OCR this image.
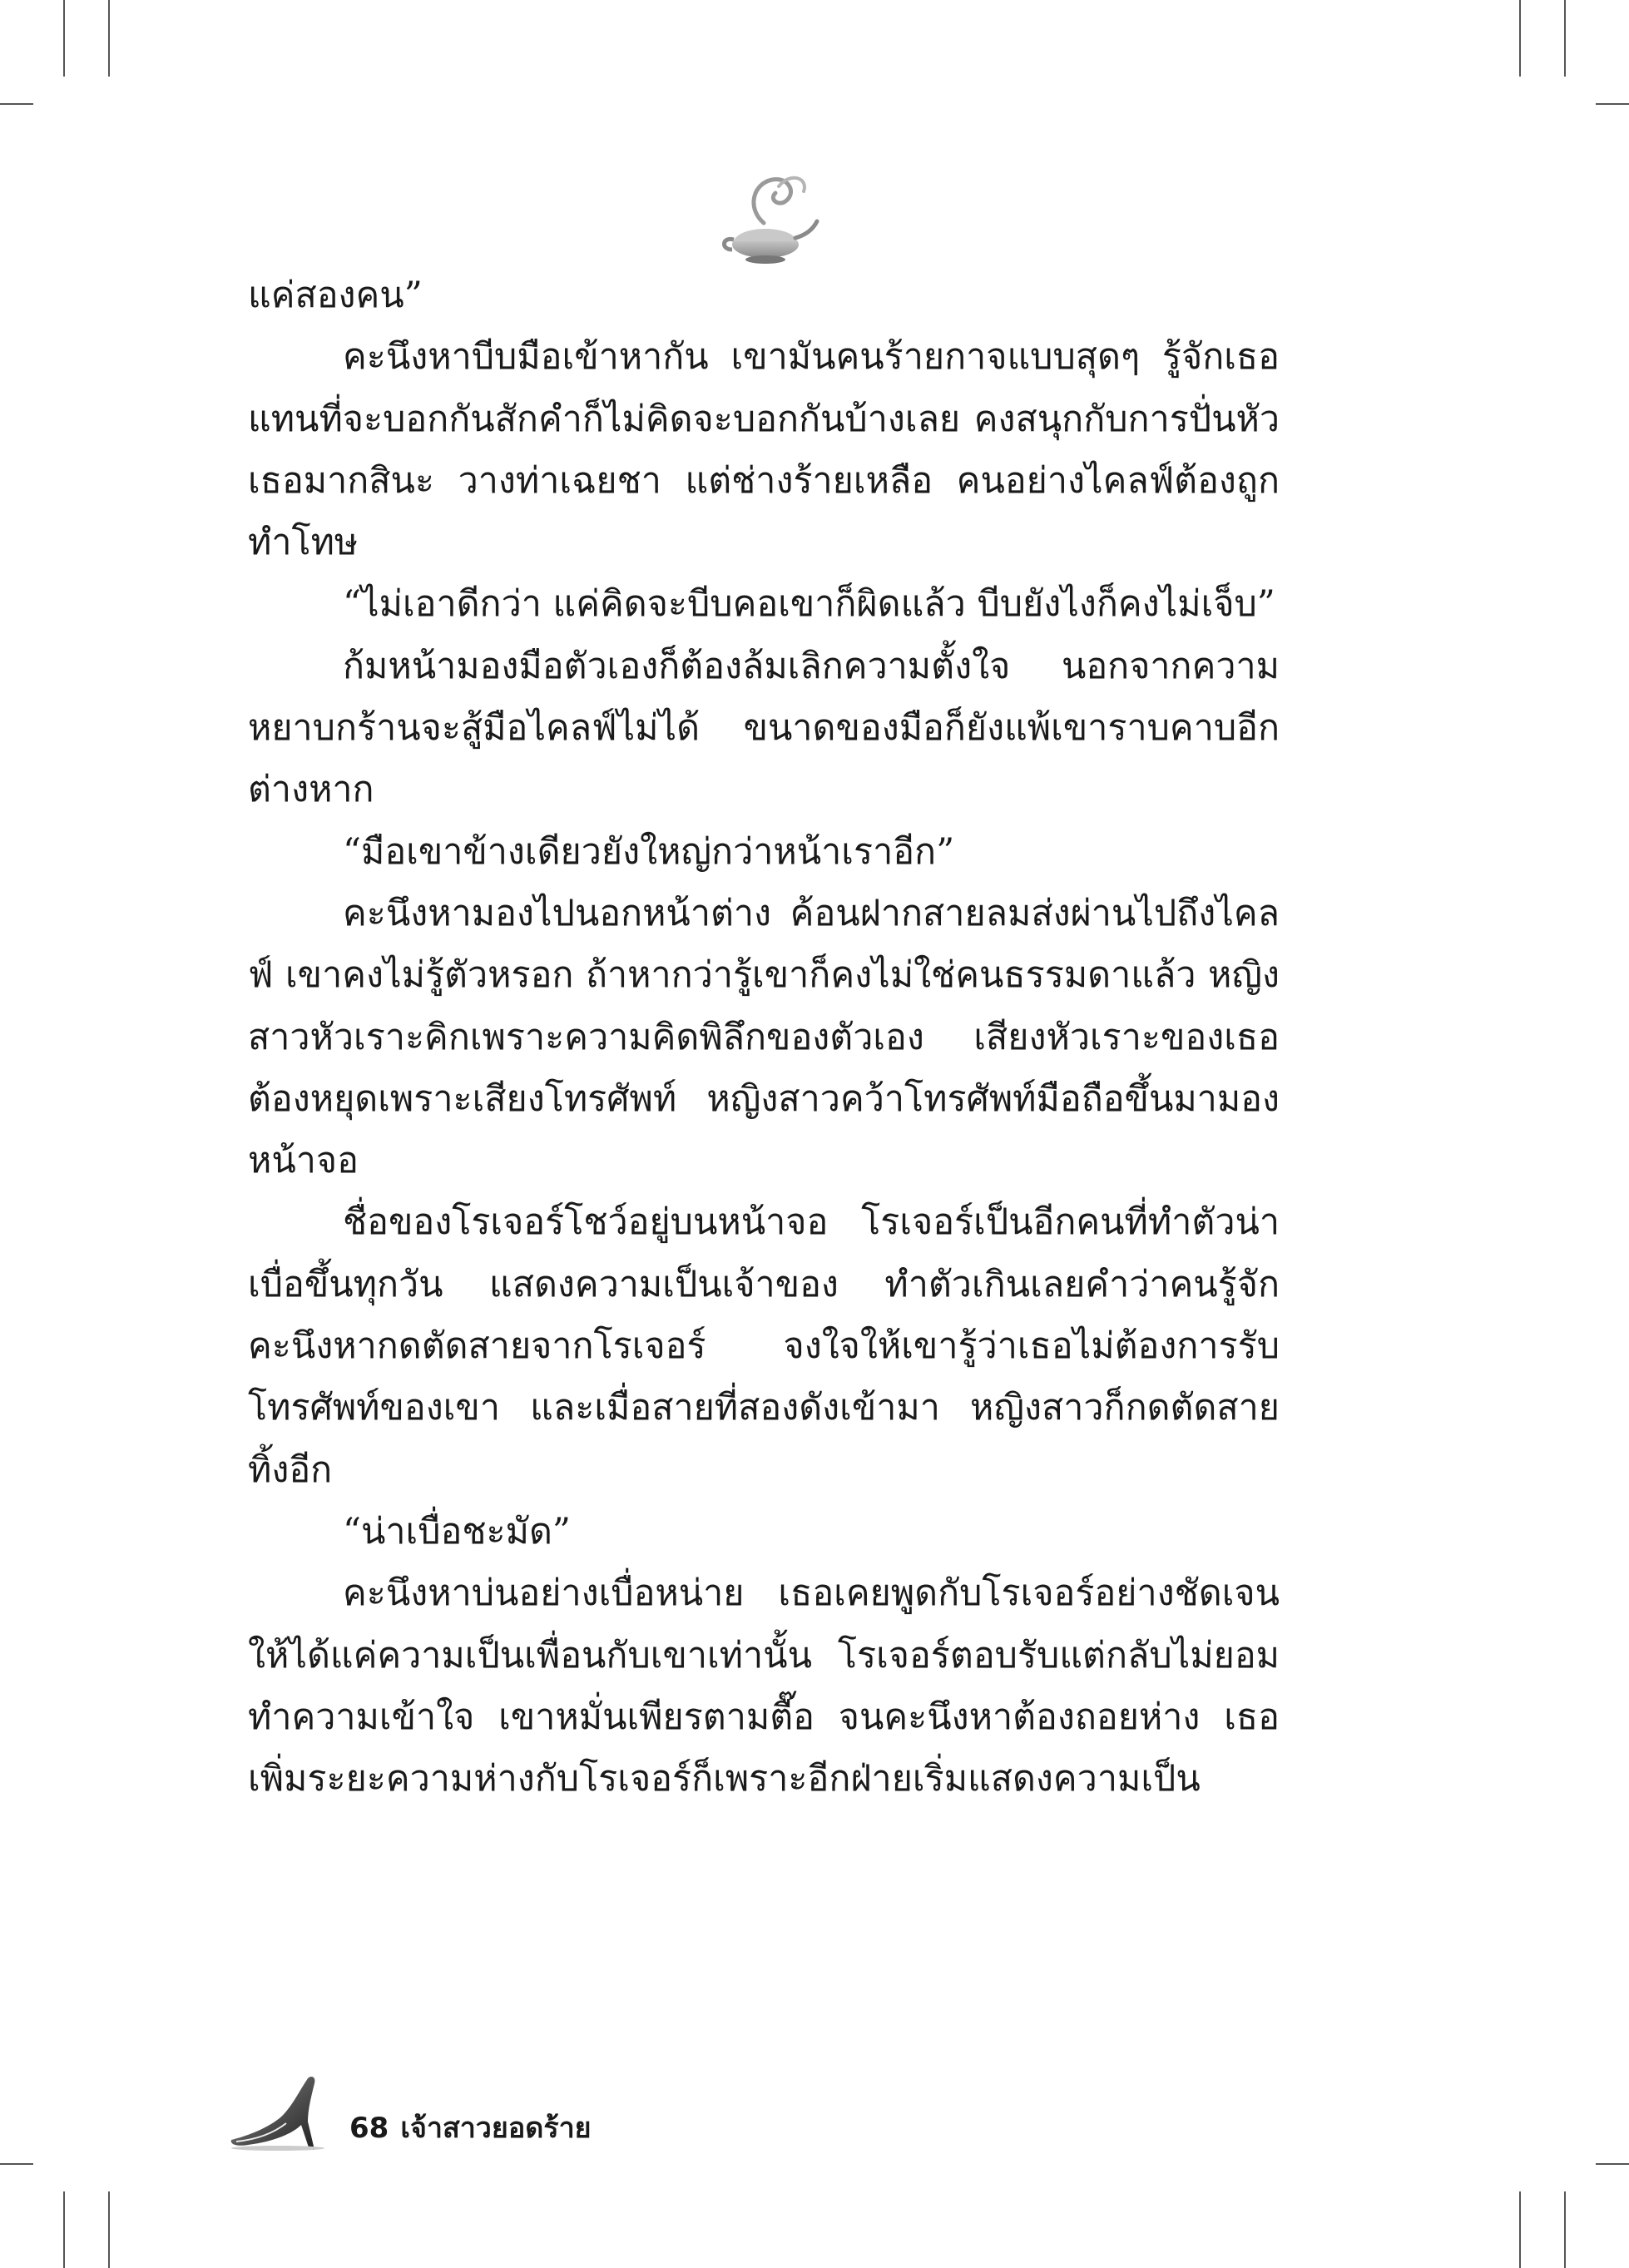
แค่สองคน”

คะนึงหาบีบมือเข้าหากัน เขามันคนร้ายกาจแบบสุดๆ รู้จักเธอแทนที่จะบอกกันสักคำก็ไม่คิดจะบอกกันบ้างเลย คงสนุกกับการปั่นหัวเธอมากสินะ วางท่าเฉยชา แต่ช่างร้ายเหลือ คนอย่างไคลฟ์ต้องถูกทำโทษ

“ไม่เอาดีกว่า แค่คิดจะบีบคอเขาก็ผิดแล้ว บีบยังไงก็คงไม่เจ็บ”

ก้มหน้ามองมือตัวเองก็ต้องล้มเลิกความตั้งใจ นอกจากความหยาบกร้านจะสู้มือไคลฟ์ไม่ได้ ขนาดของมือก็ยังแพ้เขาราบคาบอีกต่างหาก

“มือเขาข้างเดียวยังใหญ่กว่าหน้าเราอีก”

คะนึงหามองไปนอกหน้าต่าง ค้อนฝากสายลมส่งผ่านไปถึงไคลฟ์ เขาคงไม่รู้ตัวหรอก ถ้าหากว่ารู้เขาก็คงไม่ใช่คนธรรมดาแล้ว หญิงสาวหัวเราะคิกเพราะความคิดพิลึกของตัวเอง เสียงหัวเราะของเธอต้องหยุดเพราะเสียงโทรศัพท์ หญิงสาวคว้าโทรศัพท์มือถือขึ้นมามองหน้าจอ

ชื่อของโรเจอร์โชว์อยู่บนหน้าจอ โรเจอร์เป็นอีกคนที่ทำตัวน่าเบื่อขึ้นทุกวัน แสดงความเป็นเจ้าของ ทำตัวเกินเลยคำว่าคนรู้จัก คะนึงหากดตัดสายจากโรเจอร์ จงใจให้เขารู้ว่าเธอไม่ต้องการรับโทรศัพท์ของเขา และเมื่อสายที่สองดังเข้ามา หญิงสาวก็กดตัดสายทิ้งอีก

“น่าเบื่อชะมัด”

คะนึงหาบ่นอย่างเบื่อหน่าย เธอเคยพูดกับโรเจอร์อย่างชัดเจนให้ได้แค่ความเป็นเพื่อนกับเขาเท่านั้น โรเจอร์ตอบรับแต่กลับไม่ยอมทำความเข้าใจ เขาหมั่นเพียรตามตื๊อ จนคะนึงหาต้องถอยห่าง เธอเพิ่มระยะความห่างกับโรเจอร์ก็เพราะอีกฝ่ายเริ่มแสดงความเป็น

68 เจ้าสาวยอดร้าย
